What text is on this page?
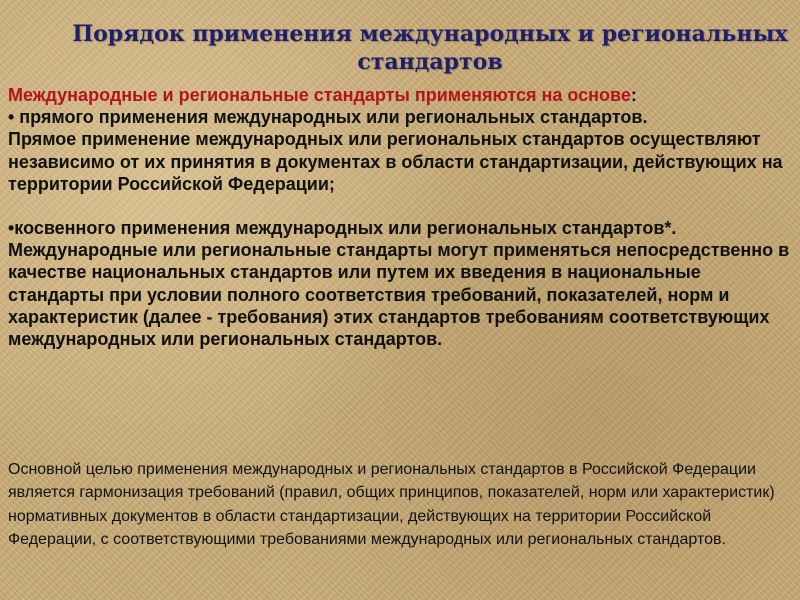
Порядок применения международных и региональных стандартов

Международные и региональные стандарты применяются на основе:

• прямого применения международных или региональных стандартов.

Прямое применение международных или региональных стандартов осуществляют независимо от их принятия в документах в области стандартизации, действующих на территории Российской Федерации;

•косвенного применения международных или региональных стандартов*.

Международные или региональные стандарты могут применяться непосредственно в качестве национальных стандартов или путем их введения в национальные стандарты при условии полного соответствия требований, показателей, норм и характеристик (далее - требования) этих стандартов требованиям соответствующих международных или региональных стандартов.

Основной целью применения международных и региональных стандартов в Российской Федерации является гармонизация требований (правил, общих принципов, показателей, норм или характеристик) нормативных документов в области стандартизации, действующих на территории Российской Федерации, с соответствующими требованиями международных или региональных стандартов.
